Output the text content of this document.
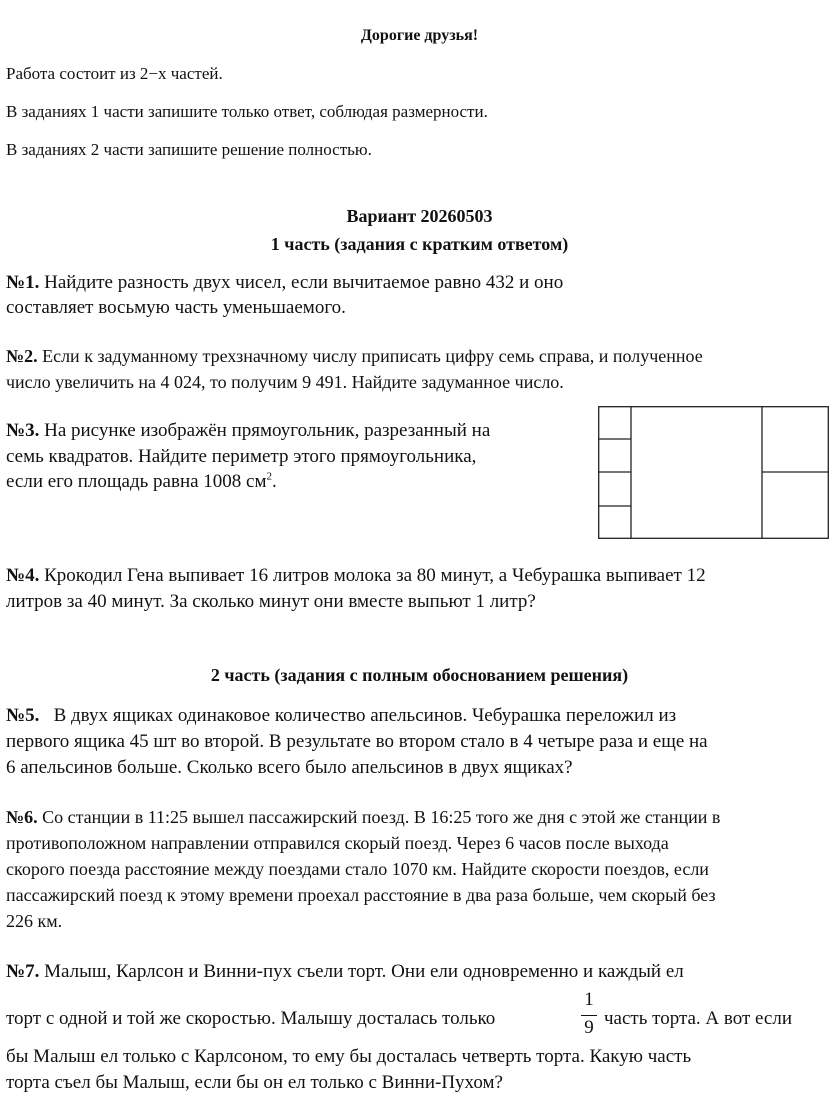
Дорогие друзья!
Работа состоит из 2−х частей.
В заданиях 1 части запишите только ответ, соблюдая размерности.
В заданиях 2 части запишите решение полностью.
Вариант 20260503
1 часть (задания с кратким ответом)
№1. Найдите разность двух чисел, если вычитаемое равно 432 и оно
составляет восьмую часть уменьшаемого.
№2. Если к задуманному трехзначному числу приписать цифру семь справа, и полученное
число увеличить на 4 024, то получим 9 491. Найдите задуманное число.
№3. На рисунке изображён прямоугольник, разрезанный на
семь квадратов. Найдите периметр этого прямоугольника,
если его площадь равна 1008 $см^2$.
№4. Крокодил Гена выпивает 16 литров молока за 80 минут, а Чебурашка выпивает 12
литров за 40 минут. За сколько минут они вместе выпьют 1 литр?
2 часть (задания с полным обоснованием решения)
№5. В двух ящиках одинаковое количество апельсинов. Чебурашка переложил из
первого ящика 45 шт во второй. В результате во втором стало в 4 четыре раза и еще на
6 апельсинов больше. Сколько всего было апельсинов в двух ящиках?
№6. Со станции в 11:25 вышел пассажирский поезд. В 16:25 того же дня с этой же станции в
противоположном направлении отправился скорый поезд. Через 6 часов после выхода
скорого поезда расстояние между поездами стало 1070 км. Найдите скорости поездов, если
пассажирский поезд к этому времени проехал расстояние в два раза больше, чем скорый без
226 км.
№7. Малыш, Карлсон и Винни-пух съели торт. Они ели одновременно и каждый ел
торт с одной и той же скоростью. Малышу досталась только
1
9 часть торта. А вот если
бы Малыш ел только с Карлсоном, то ему бы досталась четверть торта. Какую часть
торта съел бы Малыш, если бы он ел только с Винни-Пухом?
